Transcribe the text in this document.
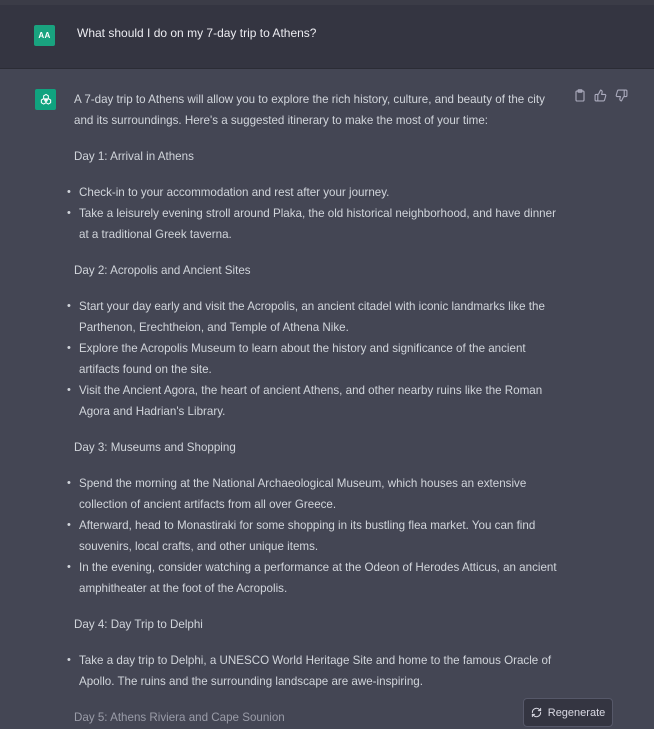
AA	What should I do on my 7-day trip to Athens?

A 7-day trip to Athens will allow you to explore the rich history, culture, and beauty of the city and its surroundings. Here's a suggested itinerary to make the most of your time:

Day 1: Arrival in Athens

• Check-in to your accommodation and rest after your journey.
• Take a leisurely evening stroll around Plaka, the old historical neighborhood, and have dinner at a traditional Greek taverna.

Day 2: Acropolis and Ancient Sites

• Start your day early and visit the Acropolis, an ancient citadel with iconic landmarks like the Parthenon, Erechtheion, and Temple of Athena Nike.
• Explore the Acropolis Museum to learn about the history and significance of the ancient artifacts found on the site.
• Visit the Ancient Agora, the heart of ancient Athens, and other nearby ruins like the Roman Agora and Hadrian's Library.

Day 3: Museums and Shopping

• Spend the morning at the National Archaeological Museum, which houses an extensive collection of ancient artifacts from all over Greece.
• Afterward, head to Monastiraki for some shopping in its bustling flea market. You can find souvenirs, local crafts, and other unique items.
• In the evening, consider watching a performance at the Odeon of Herodes Atticus, an ancient amphitheater at the foot of the Acropolis.

Day 4: Day Trip to Delphi

• Take a day trip to Delphi, a UNESCO World Heritage Site and home to the famous Oracle of Apollo. The ruins and the surrounding landscape are awe-inspiring.

Day 5: Athens Riviera and Cape Sounion	Regenerate
